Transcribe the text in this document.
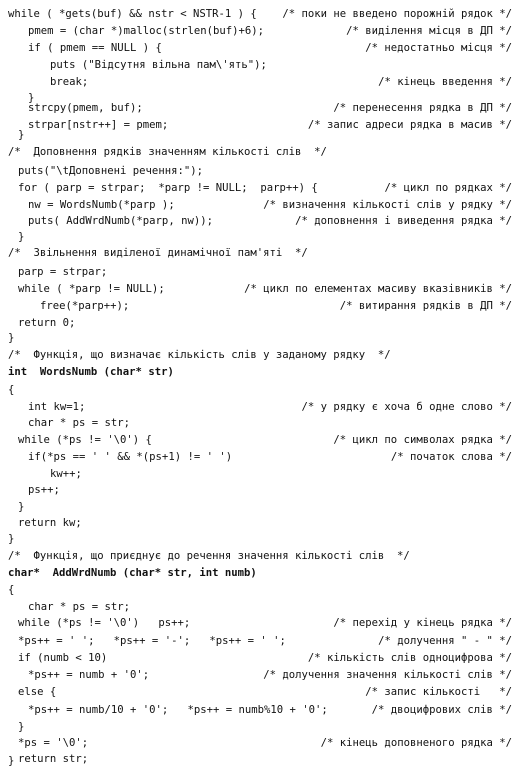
while ( *gets(buf) && nstr < NSTR-1 ) { /* поки не введено порожній рядок */
pmem = (char *)malloc(strlen(buf)+6);	/* виділення місця в ДП */
if ( pmem == NULL ) {	/* недостатньо місця */
puts ("Відсутня вільна пам\'ять");
break;	/* кінець введення */
}
strcpy(pmem, buf);	/* перенесення рядка в ДП */
strpar[nstr++] = pmem;	/* запис адреси рядка в масив */
}
/*  Доповнення рядків значенням кількості слів  */
puts("\tДоповнені речення:");
for ( parp = strpar;  *parp != NULL;  parp++) {	/* цикл по рядках */
nw = WordsNumb(*parp );	/* визначення кількості слів у рядку */
puts( AddWrdNumb(*parp, nw));	/* доповнення і виведення рядка */
}
/*  Звільнення виділеної динамічної пам'яті  */
parp = strpar;
while ( *parp != NULL);	/* цикл по елементах масиву вказівників */
free(*parp++);	/* витирання рядків в ДП */
return 0;
}
/*  Функція, що визначає кількість слів у заданому рядку  */
int  WordsNumb (char* str)
{
int kw=1;	/* у рядку є хоча б одне слово */
char * ps = str;
while (*ps != '\0') {	/* цикл по символах рядка */
if(*ps == ' ' && *(ps+1) != ' ')	/* початок слова */
kw++;
ps++;
}
return kw;
}
/*  Функція, що приєднує до речення значення кількості слів  */
char*  AddWrdNumb (char* str, int numb)
{
char * ps = str;
while (*ps != '\0')   ps++;	/* перехід у кінець рядка */
*ps++ = ' ';   *ps++ = '-';   *ps++ = ' ';	/* долучення " - " */
if (numb < 10)	/* кількість слів одноцифрова */
*ps++ = numb + '0';	/* долучення значення кількості слів */
else {	/* запис кількості   */
*ps++ = numb/10 + '0';   *ps++ = numb%10 + '0';	/* двоцифрових слів */
}
*ps = '\0';	/* кінець доповненого рядка */
return str;
}
